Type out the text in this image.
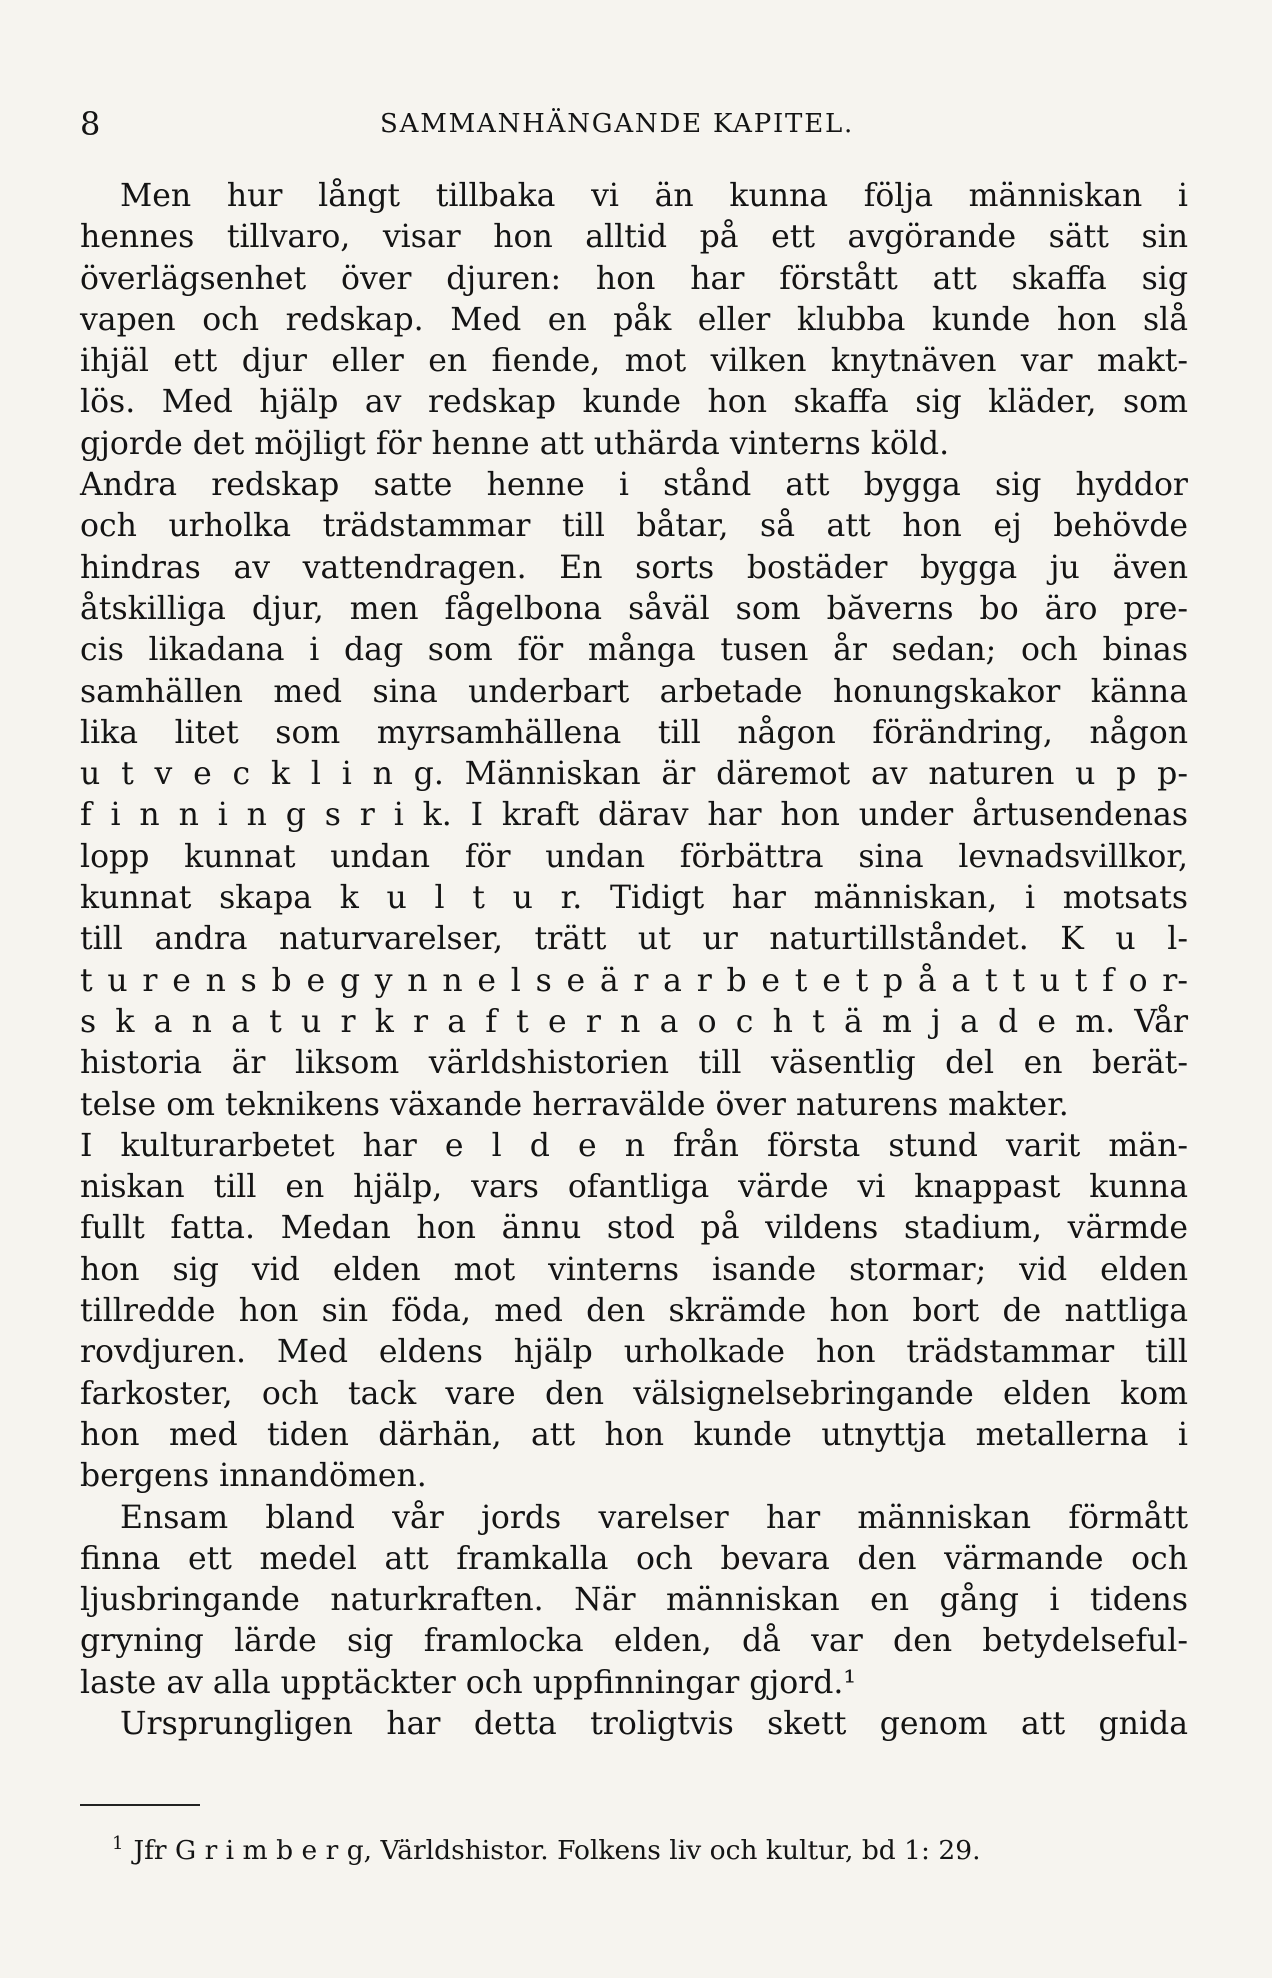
8	SAMMANHÄNGANDE KAPITEL.
Men hur långt tillbaka vi än kunna följa människan i
hennes tillvaro, visar hon alltid på ett avgörande sätt sin
överlägsenhet över djuren: hon har förstått att skaffa sig
vapen och redskap. Med en påk eller klubba kunde hon slå
ihjäl ett djur eller en fiende, mot vilken knytnäven var makt-
lös. Med hjälp av redskap kunde hon skaffa sig kläder, som
gjorde det möjligt för henne att uthärda vinterns köld.
Andra redskap satte henne i stånd att bygga sig hyddor
och urholka trädstammar till båtar, så att hon ej behövde
hindras av vattendragen. En sorts bostäder bygga ju även
åtskilliga djur, men fågelbona såväl som băverns bo äro pre-
cis likadana i dag som för många tusen år sedan; och binas
samhällen med sina underbart arbetade honungskakor känna
lika litet som myrsamhällena till någon förändring, någon
u t v e c k l i n g. Människan är däremot av naturen u p p-
f i n n i n g s r i k. I kraft därav har hon under årtusendenas
lopp kunnat undan för undan förbättra sina levnadsvillkor,
kunnat skapa k u l t u r. Tidigt har människan, i motsats
till andra naturvarelser, trätt ut ur naturtillståndet. K u l-
t u r e n s b e g y n n e l s e ä r a r b e t e t p å a t t u t f o r-
s k a n a t u r k r a f t e r n a o c h t ä m j a d e m. Vår
historia är liksom världshistorien till väsentlig del en berät-
telse om teknikens växande herravälde över naturens makter.
I kulturarbetet har e l d e n från första stund varit män-
niskan till en hjälp, vars ofantliga värde vi knappast kunna
fullt fatta. Medan hon ännu stod på vildens stadium, värmde
hon sig vid elden mot vinterns isande stormar; vid elden
tillredde hon sin föda, med den skrämde hon bort de nattliga
rovdjuren. Med eldens hjälp urholkade hon trädstammar till
farkoster, och tack vare den välsignelsebringande elden kom
hon med tiden därhän, att hon kunde utnyttja metallerna i
bergens innandömen.
Ensam bland vår jords varelser har människan förmått
finna ett medel att framkalla och bevara den värmande och
ljusbringande naturkraften. När människan en gång i tidens
gryning lärde sig framlocka elden, då var den betydelseful-
laste av alla upptäckter och uppfinningar gjord.¹
Ursprungligen har detta troligtvis skett genom att gnida
$^1$ Jfr G r i m b e r g, Världshistor. Folkens liv och kultur, bd 1: 29.
